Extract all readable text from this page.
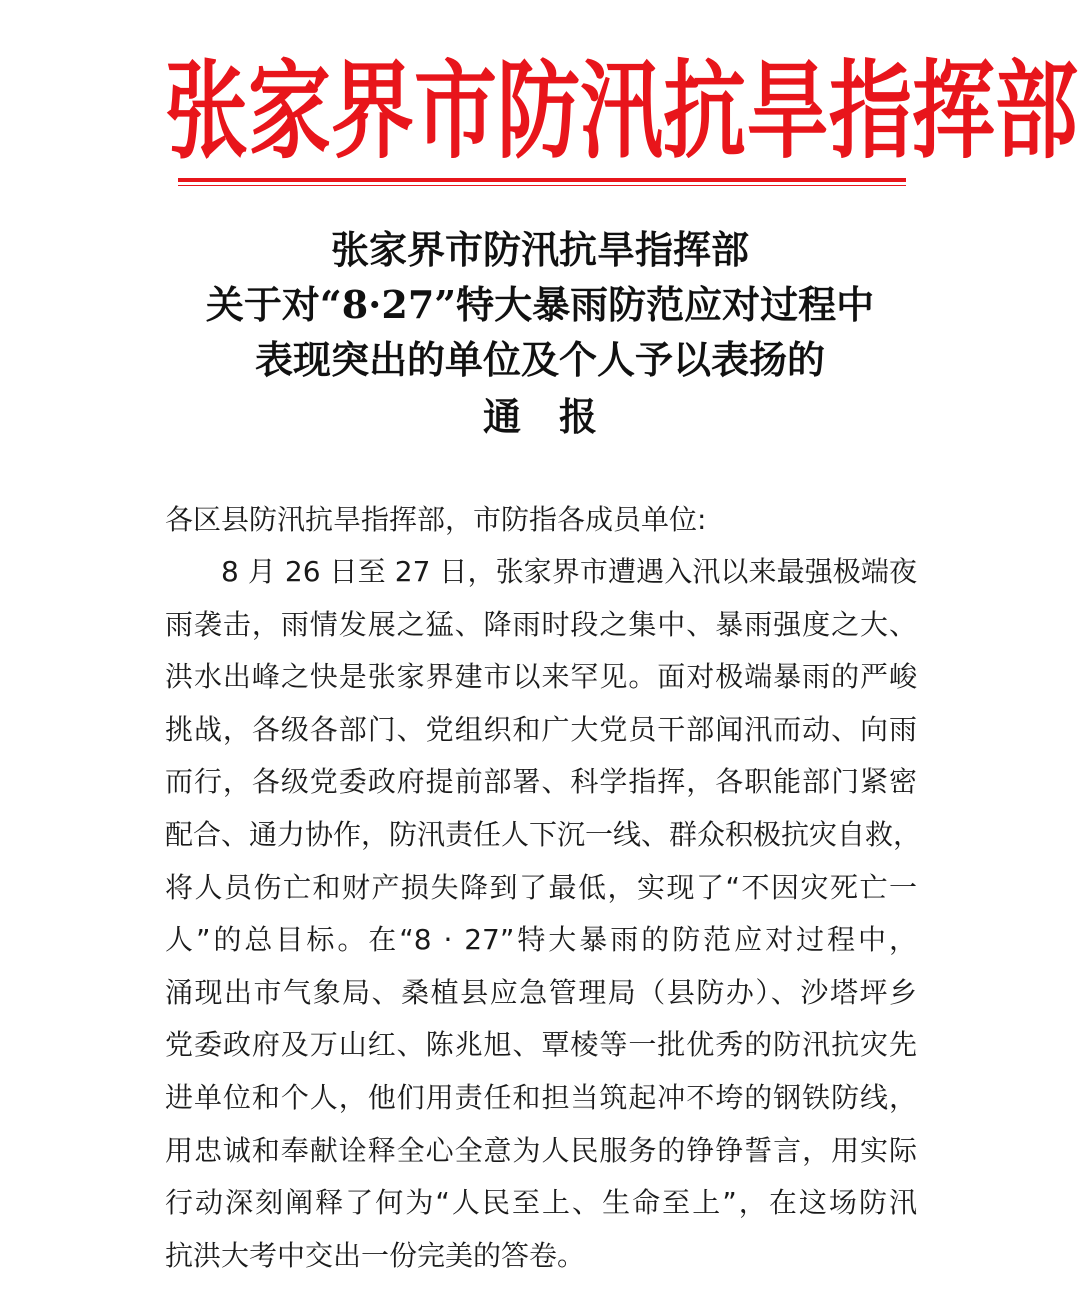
张家界市防汛抗旱指挥部
张家界市防汛抗旱指挥部
关于对“8·27”特大暴雨防范应对过程中
表现突出的单位及个人予以表扬的
通　报
各区县防汛抗旱指挥部，市防指各成员单位:
8 月 26 日至 27 日，张家界市遭遇入汛以来最强极端夜
雨袭击，雨情发展之猛、降雨时段之集中、暴雨强度之大、
洪水出峰之快是张家界建市以来罕见。面对极端暴雨的严峻
挑战，各级各部门、党组织和广大党员干部闻汛而动、向雨
而行，各级党委政府提前部署、科学指挥，各职能部门紧密
配合、通力协作，防汛责任人下沉一线、群众积极抗灾自救，
将人员伤亡和财产损失降到了最低，实现了“不因灾死亡一
人”的总目标。在“8 · 27”特大暴雨的防范应对过程中，
涌现出市气象局、桑植县应急管理局（县防办）、沙塔坪乡
党委政府及万山红、陈兆旭、覃棱等一批优秀的防汛抗灾先
进单位和个人，他们用责任和担当筑起冲不垮的钢铁防线，
用忠诚和奉献诠释全心全意为人民服务的铮铮誓言，用实际
行动深刻阐释了何为“人民至上、生命至上”，在这场防汛
抗洪大考中交出一份完美的答卷。
